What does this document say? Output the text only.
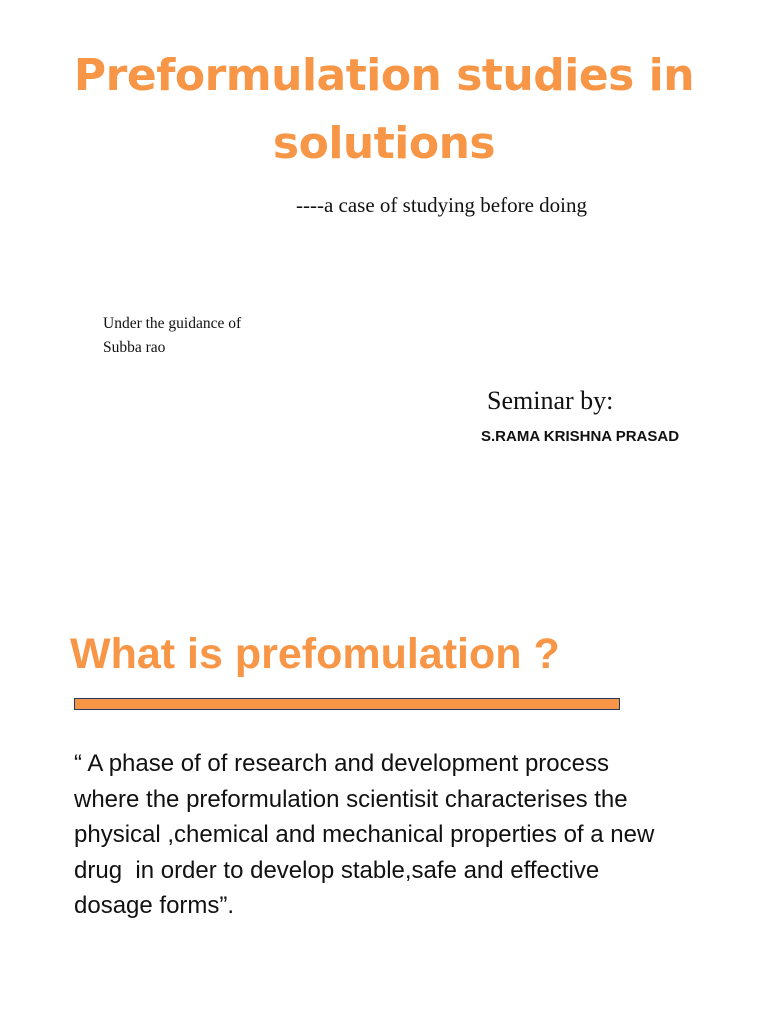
Preformulation studies in
solutions
----a case of studying before doing
Under the guidance of
Subba rao
Seminar by:
S.RAMA KRISHNA PRASAD
What is prefomulation ?
“ A phase of of research and development process
where the preformulation scientisit characterises the
physical ,chemical and mechanical properties of a new
drug  in order to develop stable,safe and effective
dosage forms”.
